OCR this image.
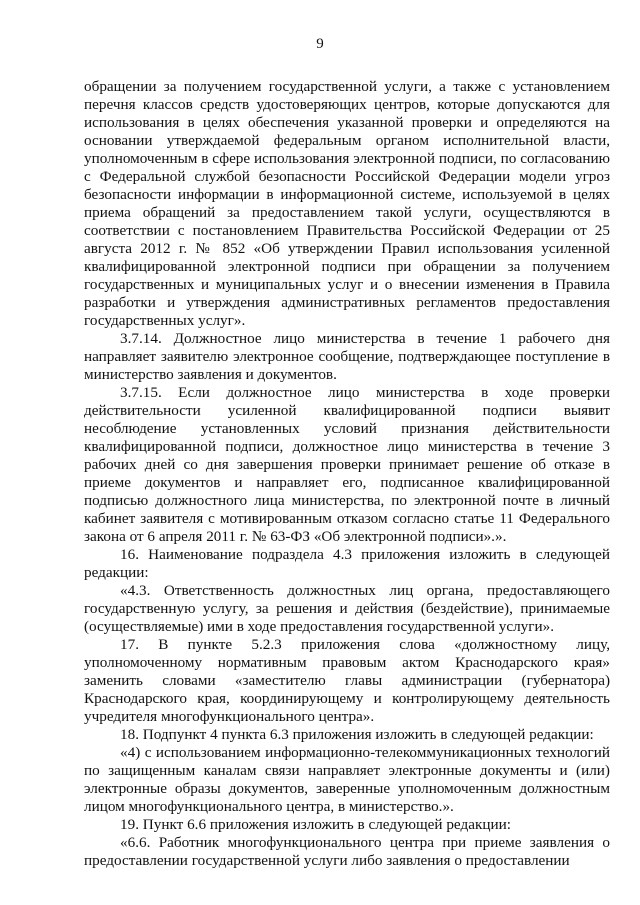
9

обращении за получением государственной услуги, а также с установлением перечня классов средств удостоверяющих центров, которые допускаются для использования в целях обеспечения указанной проверки и определяются на основании утверждаемой федеральным органом исполнительной власти, уполномоченным в сфере использования электронной подписи, по согласованию с Федеральной службой безопасности Российской Федерации модели угроз безопасности информации в информационной системе, используемой в целях приема обращений за предоставлением такой услуги, осуществляются в соответствии с постановлением Правительства Российской Федерации от 25 августа 2012 г. № 852 «Об утверждении Правил использования усиленной квалифицированной электронной подписи при обращении за получением государственных и муниципальных услуг и о внесении изменения в Правила разработки и утверждения административных регламентов предоставления государственных услуг».

3.7.14. Должностное лицо министерства в течение 1 рабочего дня направляет заявителю электронное сообщение, подтверждающее поступление в министерство заявления и документов.

3.7.15. Если должностное лицо министерства в ходе проверки действительности усиленной квалифицированной подписи выявит несоблюдение установленных условий признания действительности квалифицированной подписи, должностное лицо министерства в течение 3 рабочих дней со дня завершения проверки принимает решение об отказе в приеме документов и направляет его, подписанное квалифицированной подписью должностного лица министерства, по электронной почте в личный кабинет заявителя с мотивированным отказом согласно статье 11 Федерального закона от 6 апреля 2011 г. № 63-ФЗ «Об электронной подписи».».

16. Наименование подраздела 4.3 приложения изложить в следующей редакции:

«4.3. Ответственность должностных лиц органа, предоставляющего государственную услугу, за решения и действия (бездействие), принимаемые (осуществляемые) ими в ходе предоставления государственной услуги».

17. В пункте 5.2.3 приложения слова «должностному лицу, уполномоченному нормативным правовым актом Краснодарского края» заменить словами «заместителю главы администрации (губернатора) Краснодарского края, координирующему и контролирующему деятельность учредителя многофункционального центра».

18. Подпункт 4 пункта 6.3 приложения изложить в следующей редакции:

«4) с использованием информационно-телекоммуникационных технологий по защищенным каналам связи направляет электронные документы и (или) электронные образы документов, заверенные уполномоченным должностным лицом многофункционального центра, в министерство.».

19. Пункт 6.6 приложения изложить в следующей редакции:

«6.6. Работник многофункционального центра при приеме заявления о предоставлении государственной услуги либо заявления о предоставлении
